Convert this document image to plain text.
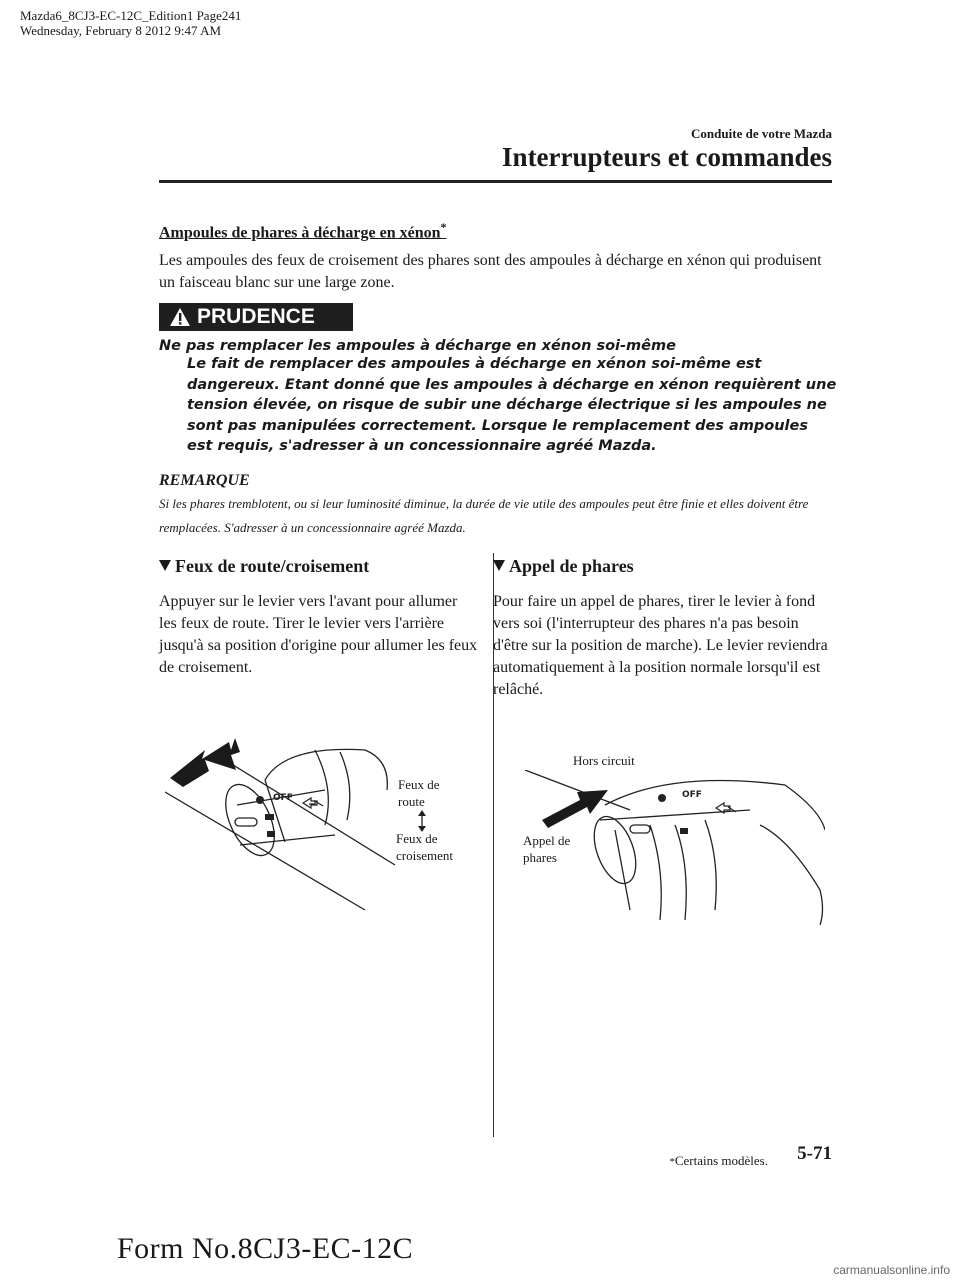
Mazda6_8CJ3-EC-12C_Edition1 Page241
Wednesday, February 8 2012 9:47 AM
Conduite de votre Mazda
Interrupteurs et commandes
Ampoules de phares à décharge en xénon*
Les ampoules des feux de croisement des phares sont des ampoules à décharge en xénon qui produisent un faisceau blanc sur une large zone.
PRUDENCE
Ne pas remplacer les ampoules à décharge en xénon soi-même
Le fait de remplacer des ampoules à décharge en xénon soi-même est dangereux. Etant donné que les ampoules à décharge en xénon requièrent une tension élevée, on risque de subir une décharge électrique si les ampoules ne sont pas manipulées correctement. Lorsque le remplacement des ampoules est requis, s'adresser à un concessionnaire agréé Mazda.
REMARQUE
Si les phares tremblotent, ou si leur luminosité diminue, la durée de vie utile des ampoules peut être finie et elles doivent être remplacées. S'adresser à un concessionnaire agréé Mazda.
Feux de route/croisement
Appuyer sur le levier vers l'avant pour allumer les feux de route. Tirer le levier vers l'arrière jusqu'à sa position d'origine pour allumer les feux de croisement.
Appel de phares
Pour faire un appel de phares, tirer le levier à fond vers soi (l'interrupteur des phares n'a pas besoin d'être sur la position de marche). Le levier reviendra automatiquement à la position normale lorsqu'il est relâché.
OFF
Feux de
route
Feux de
croisement
OFF
Hors circuit
Appel de
phares
*Certains modèles. 5-71
Form No.8CJ3-EC-12C
carmanualsonline.info
